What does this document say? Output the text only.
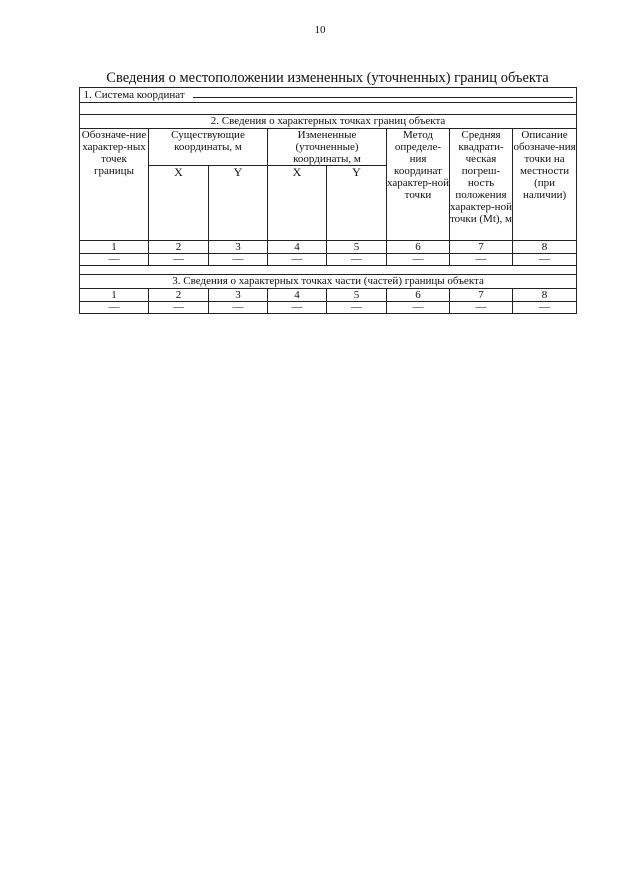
10
Сведения о местоположении измененных (уточненных) границ объекта
1. Система координат							

2. Сведения о характерных точках границ объекта							
Обозначе-ние характер-ных точек границы	Существующие координаты, м		Измененные (уточненные) координаты, м		Метод определе-ния координат характер-ной точки	Средняя квадрати-ческая погреш-ность положения характер-ной точки (Mt), м	Описание обозначе-ния точки на местности (при наличии)
	X	Y	X	Y			
1	2	3	4	5	6	7	8
—	—	—	—	—	—	—	—

3. Сведения о характерных точках части (частей) границы объекта							
1	2	3	4	5	6	7	8
—	—	—	—	—	—	—	—
